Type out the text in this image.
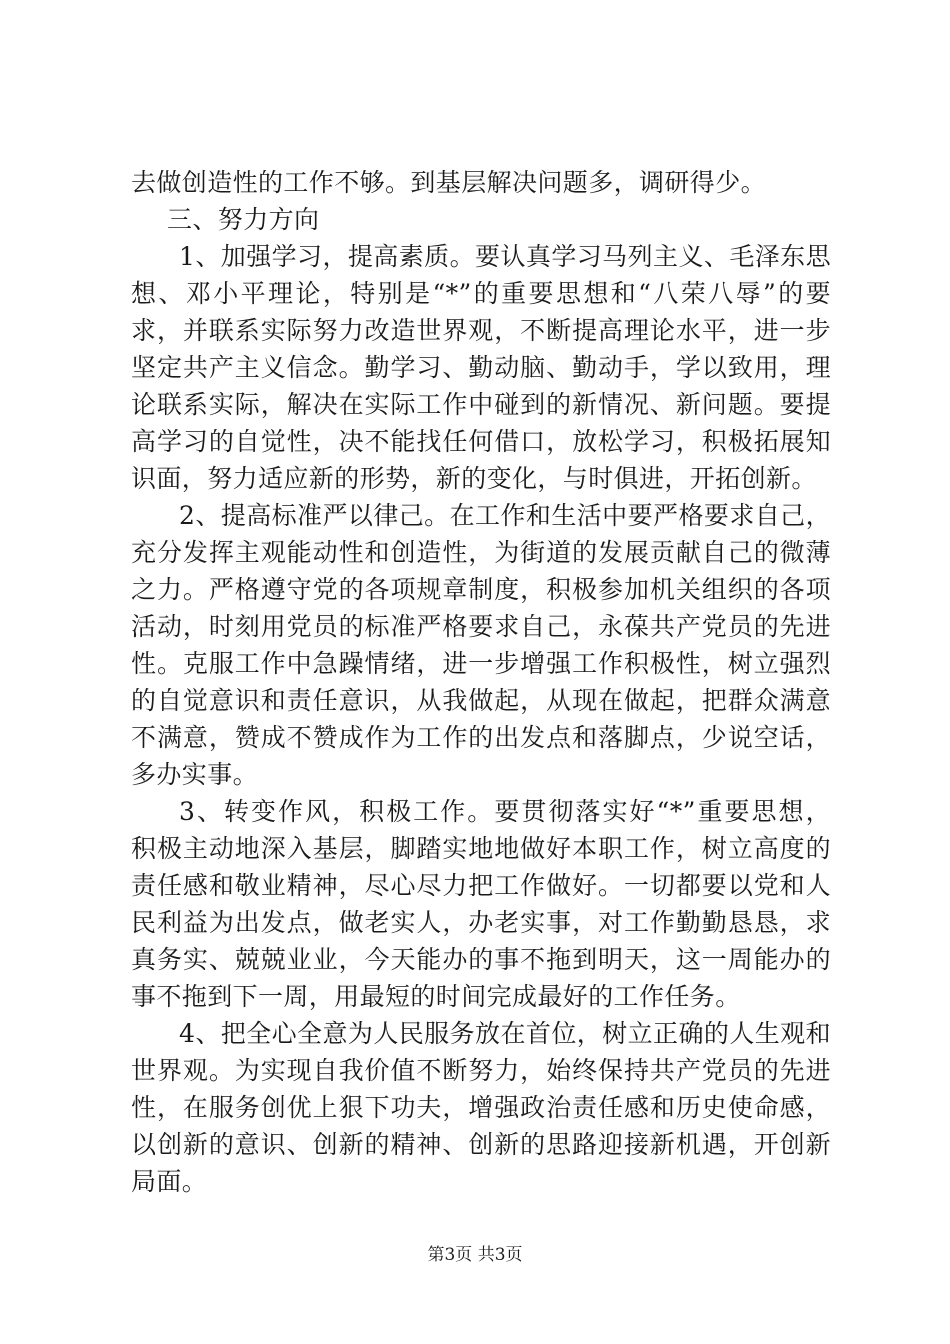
去做创造性的工作不够。到基层解决问题多，调研得少。
三、努力方向
1、加强学习，提高素质。要认真学习马列主义、毛泽东思
想、邓小平理论，特别是“*”的重要思想和“八荣八辱”的要
求，并联系实际努力改造世界观，不断提高理论水平，进一步
坚定共产主义信念。勤学习、勤动脑、勤动手，学以致用，理
论联系实际，解决在实际工作中碰到的新情况、新问题。要提
高学习的自觉性，决不能找任何借口，放松学习，积极拓展知
识面，努力适应新的形势，新的变化，与时俱进，开拓创新。
2、提高标准严以律己。在工作和生活中要严格要求自己，
充分发挥主观能动性和创造性，为街道的发展贡献自己的微薄
之力。严格遵守党的各项规章制度，积极参加机关组织的各项
活动，时刻用党员的标准严格要求自己，永葆共产党员的先进
性。克服工作中急躁情绪，进一步增强工作积极性，树立强烈
的自觉意识和责任意识，从我做起，从现在做起，把群众满意
不满意，赞成不赞成作为工作的出发点和落脚点，少说空话，
多办实事。
3、转变作风，积极工作。要贯彻落实好“*”重要思想，
积极主动地深入基层，脚踏实地地做好本职工作，树立高度的
责任感和敬业精神，尽心尽力把工作做好。一切都要以党和人
民利益为出发点，做老实人，办老实事，对工作勤勤恳恳，求
真务实、兢兢业业，今天能办的事不拖到明天，这一周能办的
事不拖到下一周，用最短的时间完成最好的工作任务。
4、把全心全意为人民服务放在首位，树立正确的人生观和
世界观。为实现自我价值不断努力，始终保持共产党员的先进
性，在服务创优上狠下功夫，增强政治责任感和历史使命感，
以创新的意识、创新的精神、创新的思路迎接新机遇，开创新
局面。
第3页 共3页
